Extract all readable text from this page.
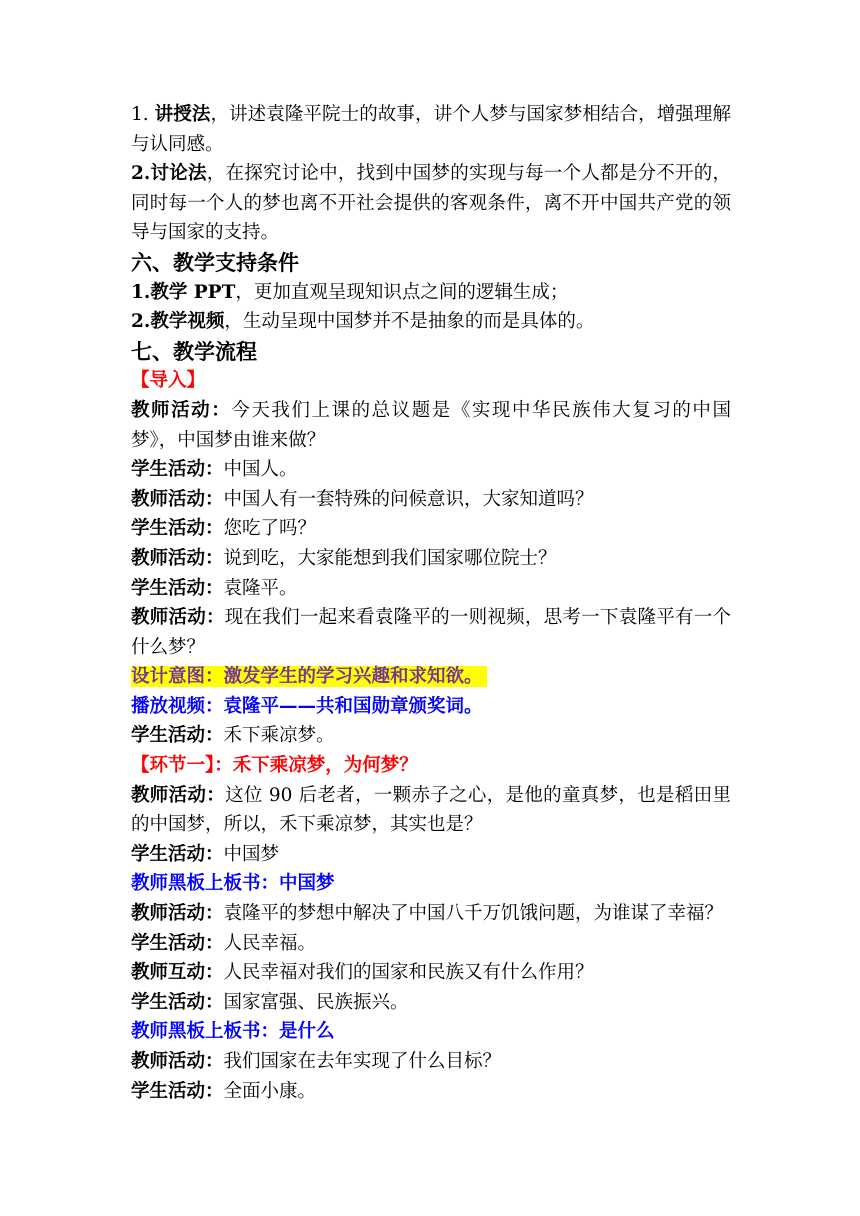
1. 讲授法，讲述袁隆平院士的故事，讲个人梦与国家梦相结合，增强理解与认同感。

2.讨论法，在探究讨论中，找到中国梦的实现与每一个人都是分不开的，同时每一个人的梦也离不开社会提供的客观条件，离不开中国共产党的领导与国家的支持。

六、教学支持条件

1.教学 PPT，更加直观呈现知识点之间的逻辑生成；

2.教学视频，生动呈现中国梦并不是抽象的而是具体的。

七、教学流程

【导入】

教师活动：今天我们上课的总议题是《实现中华民族伟大复习的中国梦》，中国梦由谁来做？

学生活动：中国人。

教师活动：中国人有一套特殊的问候意识，大家知道吗？

学生活动：您吃了吗？

教师活动：说到吃，大家能想到我们国家哪位院士？

学生活动：袁隆平。

教师活动：现在我们一起来看袁隆平的一则视频，思考一下袁隆平有一个什么梦？

设计意图：激发学生的学习兴趣和求知欲。

播放视频：袁隆平——共和国勋章颁奖词。

学生活动：禾下乘凉梦。

【环节一】：禾下乘凉梦，为何梦？

教师活动：这位 90 后老者，一颗赤子之心，是他的童真梦，也是稻田里的中国梦，所以，禾下乘凉梦，其实也是？

学生活动：中国梦

教师黑板上板书：中国梦

教师活动：袁隆平的梦想中解决了中国八千万饥饿问题，为谁谋了幸福？

学生活动：人民幸福。

教师互动：人民幸福对我们的国家和民族又有什么作用？

学生活动：国家富强、民族振兴。

教师黑板上板书：是什么

教师活动：我们国家在去年实现了什么目标？

学生活动：全面小康。
